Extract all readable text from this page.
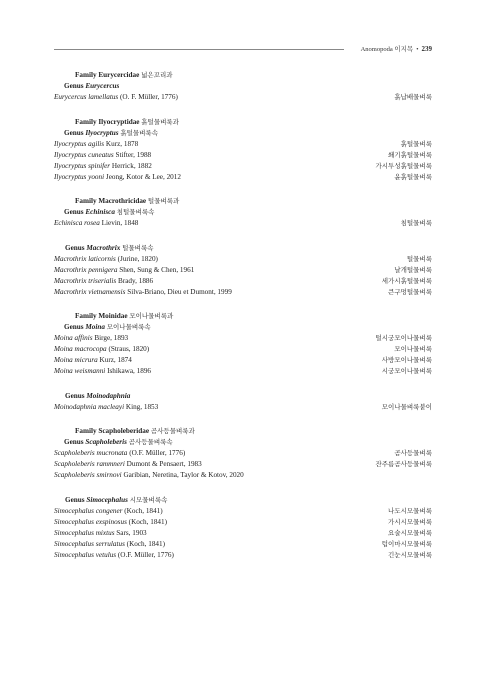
Anomopoda 이지목 • 239
Family Eurycercidae 넓은꼬리과
Genus Eurycercus
Eurycercus lamellatus (O. F. Müller, 1776)	흙납배물벼룩
Family Ilyocryptidae 흙털물벼룩과
Genus Ilyocryptus 흙털물벼룩속
Ilyocryptus agilis Kurz, 1878	흙털물벼룩
Ilyocryptus cuneatus Stifter, 1988	쐐기흙털물벼룩
Ilyocryptus spinifer Herrick, 1882	가시투성흙털물벼룩
Ilyocryptus yooni Jeong, Kotor & Lee, 2012	윤흙털물벼룩
Family Macrothricidae 털물벼룩과
Genus Echinisca 침털물벼룩속
Echinisca rosea Lievin, 1848	침털물벼룩
Genus Macrothrix 털물벼룩속
Macrothrix laticornis (Jurine, 1820)	털물벼룩
Macrothrix pennigera Shen, Sung & Chen, 1961	날개털물벼룩
Macrothrix triserialis Brady, 1886	세가시흙털물벼룩
Macrothrix vietnamensis Silva-Briano, Dieu et Dumont, 1999	큰구멍털물벼룩
Family Moinidae 모이나물벼룩과
Genus Moina 모이나물벼룩속
Moina affinis Birge, 1893	털시궁모이나물벼룩
Moina macrocopa (Straus, 1820)	모이나물벼룩
Moina micrura Kurz, 1874	사방모이나물벼룩
Moina weismanni Ishikawa, 1896	시궁모이나물벼룩
Genus Moinodaphnia
Moinodaphnia macleayi King, 1853	모이나물벼룩붙이
Family Scapholeberidae 곰사등물벼룩과
Genus Scapholeberis 곰사등물벼룩속
Scapholeberis mucronata (O.F. Müller, 1776)	곰사등물벼룩
Scapholeberis rammneri Dumont & Pensaert, 1983	잔주름곰사등물벼룩
Scapholeberis smirnovi Garibian, Neretina, Taylor & Kotov, 2020
Genus Simocephalus 시모물벼룩속
Simocephalus congener (Koch, 1841)	나도시모물벼룩
Simocephalus exspinosus (Koch, 1841)	가시시모물벼룩
Simocephalus mixtus Sars, 1903	요술시모물벼룩
Simocephalus serrulatus (Koch, 1841)	텁이마시모물벼룩
Simocephalus vetulus (O.F. Müller, 1776)	긴눈시모물벼룩
